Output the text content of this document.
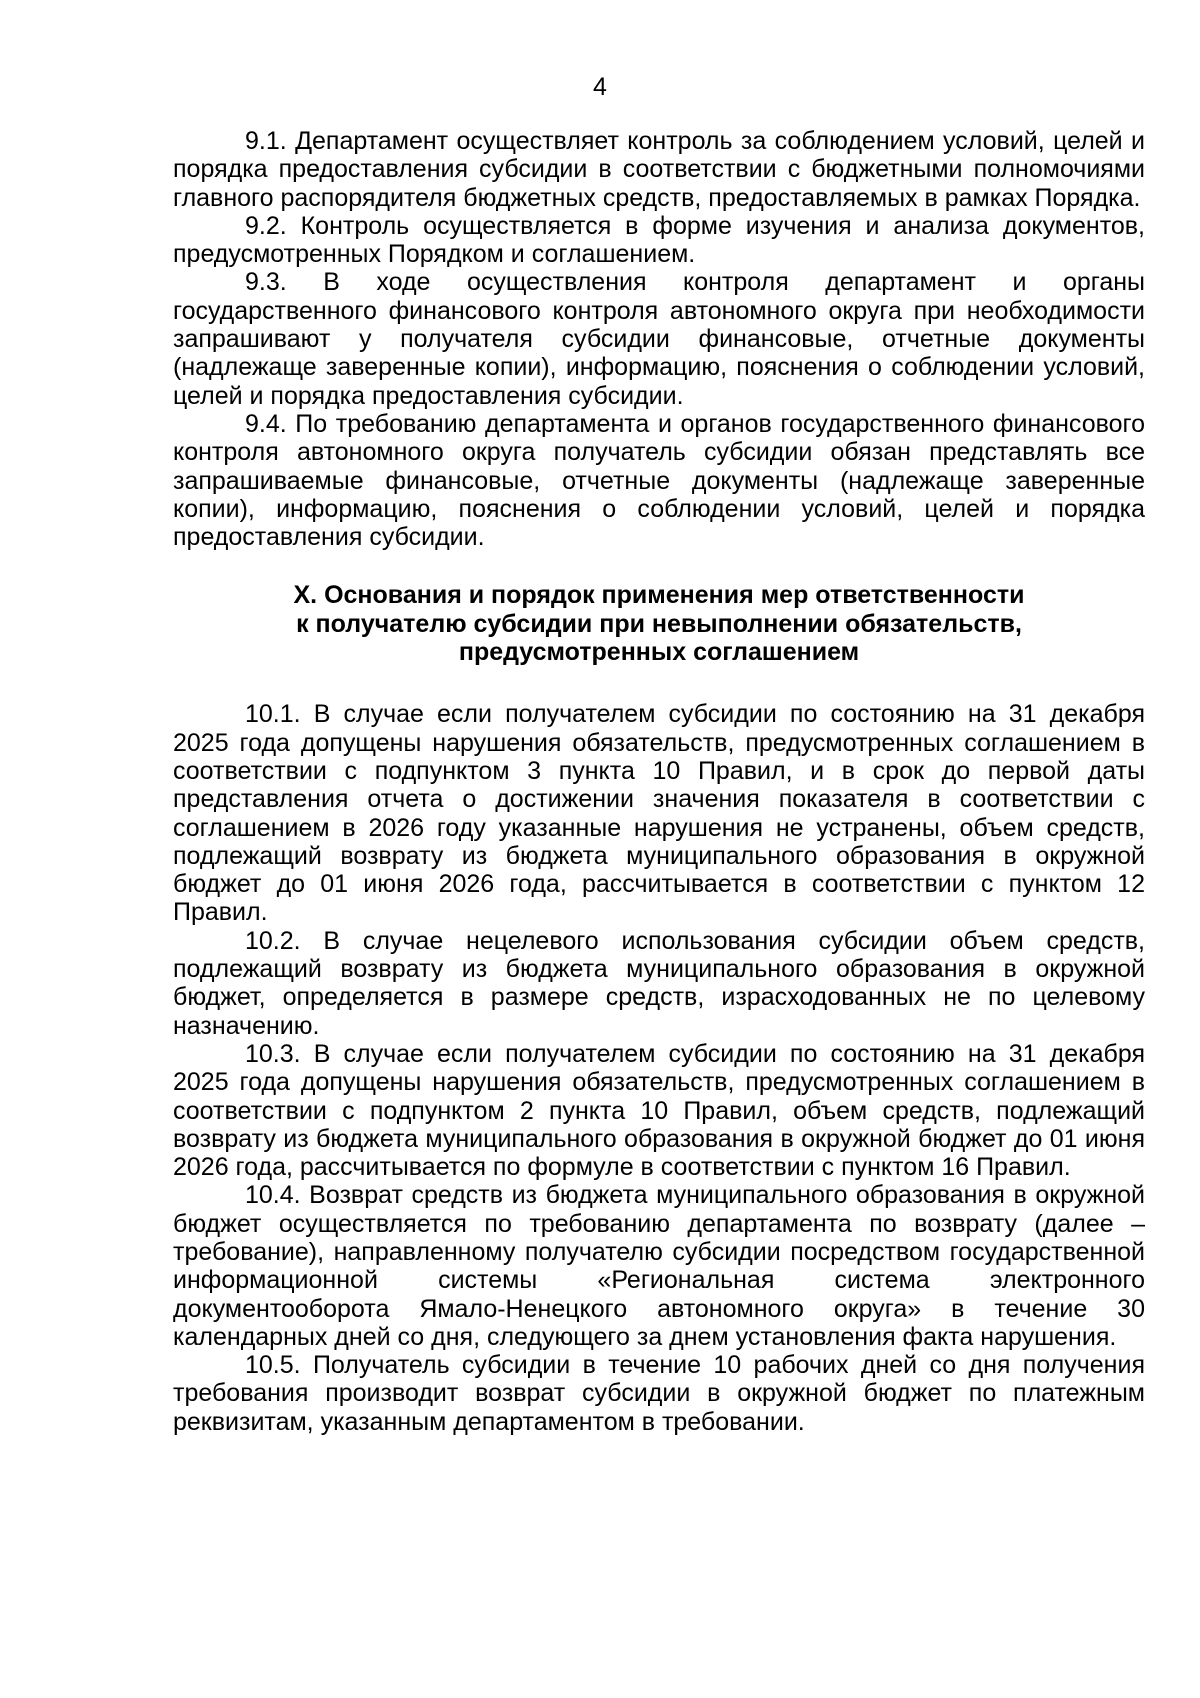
4

9.1. Департамент осуществляет контроль за соблюдением условий, целей и порядка предоставления субсидии в соответствии с бюджетными полномочиями главного распорядителя бюджетных средств, предоставляемых в рамках Порядка.

9.2. Контроль осуществляется в форме изучения и анализа документов, предусмотренных Порядком и соглашением.

9.3. В ходе осуществления контроля департамент и органы государственного финансового контроля автономного округа при необходимости запрашивают у получателя субсидии финансовые, отчетные документы (надлежаще заверенные копии), информацию, пояснения о соблюдении условий, целей и порядка предоставления субсидии.

9.4. По требованию департамента и органов государственного финансового контроля автономного округа получатель субсидии обязан представлять все запрашиваемые финансовые, отчетные документы (надлежаще заверенные копии), информацию, пояснения о соблюдении условий, целей и порядка предоставления субсидии.

X. Основания и порядок применения мер ответственности
к получателю субсидии при невыполнении обязательств,
предусмотренных соглашением

10.1. В случае если получателем субсидии по состоянию на 31 декабря 2025 года допущены нарушения обязательств, предусмотренных соглашением в соответствии с подпунктом 3 пункта 10 Правил, и в срок до первой даты представления отчета о достижении значения показателя в соответствии с соглашением в 2026 году указанные нарушения не устранены, объем средств, подлежащий возврату из бюджета муниципального образования в окружной бюджет до 01 июня 2026 года, рассчитывается в соответствии с пунктом 12 Правил.

10.2. В случае нецелевого использования субсидии объем средств, подлежащий возврату из бюджета муниципального образования в окружной бюджет, определяется в размере средств, израсходованных не по целевому назначению.

10.3. В случае если получателем субсидии по состоянию на 31 декабря 2025 года допущены нарушения обязательств, предусмотренных соглашением в соответствии с подпунктом 2 пункта 10 Правил, объем средств, подлежащий возврату из бюджета муниципального образования в окружной бюджет до 01 июня 2026 года, рассчитывается по формуле в соответствии с пунктом 16 Правил.

10.4. Возврат средств из бюджета муниципального образования в окружной бюджет осуществляется по требованию департамента по возврату (далее – требование), направленному получателю субсидии посредством государственной информационной системы «Региональная система электронного документооборота Ямало-Ненецкого автономного округа» в течение 30 календарных дней со дня, следующего за днем установления факта нарушения.

10.5. Получатель субсидии в течение 10 рабочих дней со дня получения требования производит возврат субсидии в окружной бюджет по платежным реквизитам, указанным департаментом в требовании.
